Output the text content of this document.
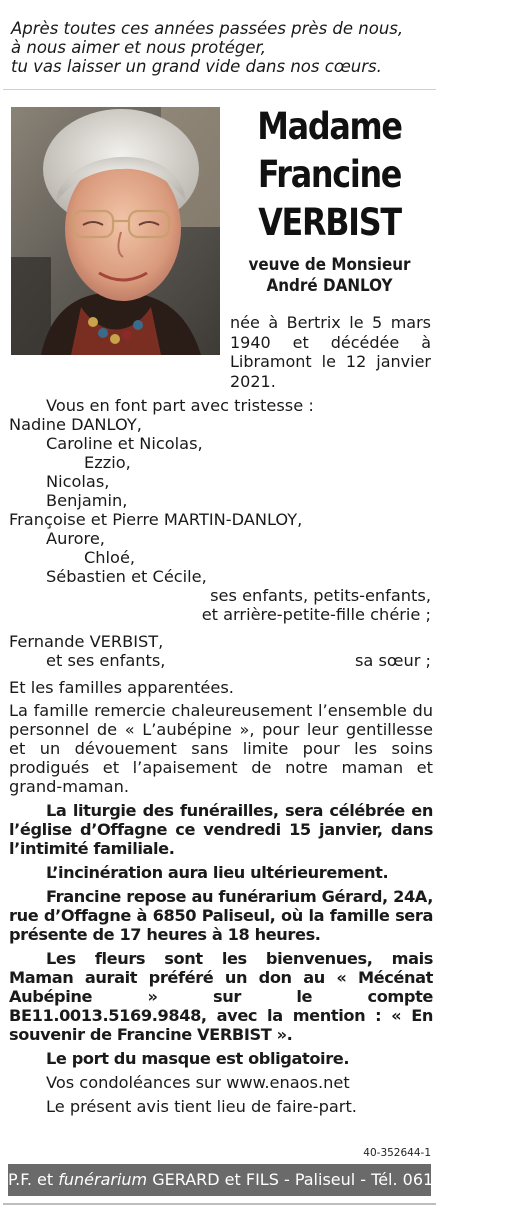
Après toutes ces années passées près de nous,
à nous aimer et nous protéger,
tu vas laisser un grand vide dans nos cœurs.
Madame
Francine
VERBIST
veuve de Monsieur
André DANLOY
née à Bertrix le 5 mars 1940 et décédée à Libramont le 12 janvier 2021.
Vous en font part avec tristesse :
Nadine DANLOY,
Caroline et Nicolas,
Ezzio,
Nicolas,
Benjamin,
Françoise et Pierre MARTIN-DANLOY,
Aurore,
Chloé,
Sébastien et Cécile,
ses enfants, petits-enfants,
et arrière-petite-fille chérie ;
Fernande VERBIST,
et ses enfants,	sa sœur ;
Et les familles apparentées.
La famille remercie chaleureusement l’ensemble du personnel de « L’aubépine », pour leur gentillesse et un dévouement sans limite pour les soins prodigués et l’apaisement de notre maman et grand-maman.
La liturgie des funérailles, sera célébrée en l’église d’Offagne ce vendredi 15 janvier, dans l’intimité familiale.
L’incinération aura lieu ultérieurement.
Francine repose au funérarium Gérard, 24A, rue d’Offagne à 6850 Paliseul, où la famille sera présente de 17 heures à 18 heures.
Les fleurs sont les bienvenues, mais Maman aurait préféré un don au « Mécénat Aubépine » sur le compte BE11.0013.5169.9848, avec la mention : « En souvenir de Francine VERBIST ».
Le port du masque est obligatoire.
Vos condoléances sur www.enaos.net
Le présent avis tient lieu de faire-part.
40-352644-1
P.F. et funérarium GERARD et FILS - Paliseul - Tél. 061 53 32 84
